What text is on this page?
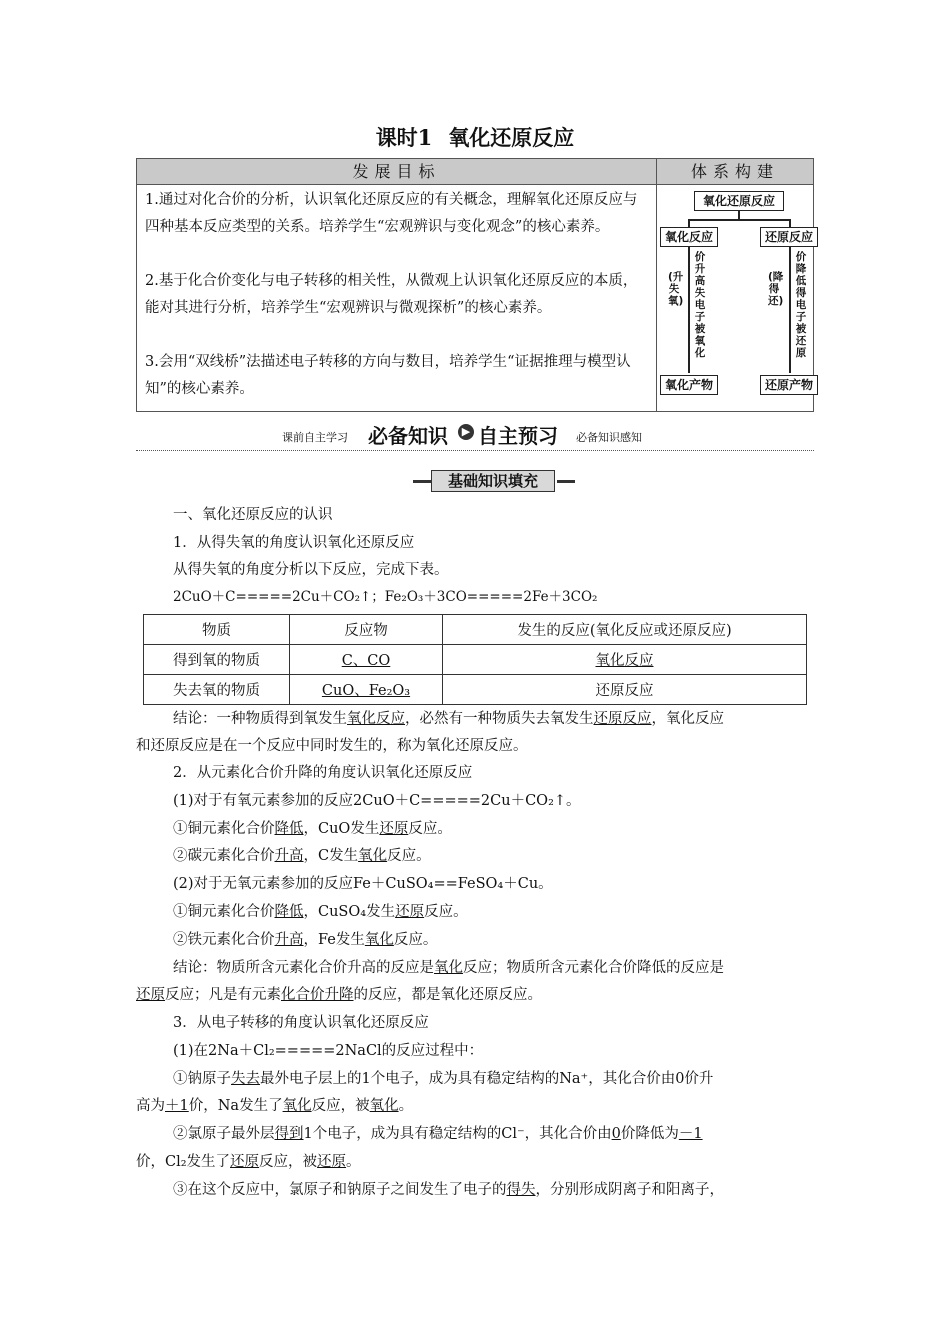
课时1 氧化还原反应
发展目标	体系构建

1.通过对化合价的分析，认识氧化还原反应的有关概念，理解氧化还原反应与四种基本反应类型的关系。培养学生“宏观辨识与变化观念”的核心素养。

2.基于化合价变化与电子转移的相关性，从微观上认识氧化还原反应的本质，能对其进行分析，培养学生“宏观辨识与微观探析”的核心素养。

3.会用“双线桥”法描述电子转移的方向与数目，培养学生“证据推理与模型认知”的核心素养。

氧化还原反应
氧化反应	还原反应
(升失氧)
价升高失电子被氧化
(降得还)
价降低得电子被还原
氧化产物	还原产物
课前自主学习 必备知识	▶ 自主预习 必备知识感知
基础知识填充
一、氧化还原反应的认识
1．从得失氧的角度认识氧化还原反应
从得失氧的角度分析以下反应，完成下表。
2CuO＋C=====2Cu＋CO₂↑；Fe₂O₃＋3CO=====2Fe＋3CO₂
物质	反应物	发生的反应(氧化反应或还原反应)
得到氧的物质	C、CO	氧化反应
失去氧的物质	CuO、Fe₂O₃	还原反应
结论：一种物质得到氧发生氧化反应，必然有一种物质失去氧发生还原反应，氧化反应
和还原反应是在一个反应中同时发生的，称为氧化还原反应。
2．从元素化合价升降的角度认识氧化还原反应
(1)对于有氧元素参加的反应2CuO＋C=====2Cu＋CO₂↑。
①铜元素化合价降低，CuO发生还原反应。
②碳元素化合价升高，C发生氧化反应。
(2)对于无氧元素参加的反应Fe＋CuSO₄==FeSO₄＋Cu。
①铜元素化合价降低，CuSO₄发生还原反应。
②铁元素化合价升高，Fe发生氧化反应。
结论：物质所含元素化合价升高的反应是氧化反应；物质所含元素化合价降低的反应是
还原反应；凡是有元素化合价升降的反应，都是氧化还原反应。
3．从电子转移的角度认识氧化还原反应
(1)在2Na＋Cl₂=====2NaCl的反应过程中：
①钠原子失去最外电子层上的1个电子，成为具有稳定结构的Na⁺，其化合价由0价升
高为＋1价，Na发生了氧化反应，被氧化。
②氯原子最外层得到1个电子，成为具有稳定结构的Cl⁻，其化合价由0价降低为－1
价，Cl₂发生了还原反应，被还原。
③在这个反应中，氯原子和钠原子之间发生了电子的得失，分别形成阴离子和阳离子，
